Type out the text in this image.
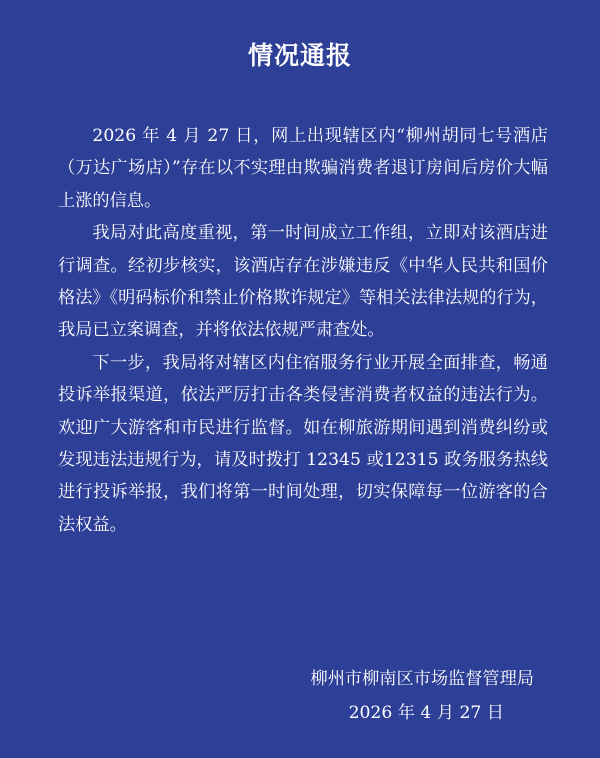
情况通报

2026 年 4 月 27 日，网上出现辖区内“柳州胡同七号酒店（万达广场店）”存在以不实理由欺骗消费者退订房间后房价大幅上涨的信息。

我局对此高度重视，第一时间成立工作组，立即对该酒店进行调查。经初步核实，该酒店存在涉嫌违反《中华人民共和国价格法》《明码标价和禁止价格欺诈规定》等相关法律法规的行为，我局已立案调查，并将依法依规严肃查处。

下一步，我局将对辖区内住宿服务行业开展全面排查，畅通投诉举报渠道，依法严厉打击各类侵害消费者权益的违法行为。欢迎广大游客和市民进行监督。如在柳旅游期间遇到消费纠纷或发现违法违规行为，请及时拨打 12345 或12315 政务服务热线进行投诉举报，我们将第一时间处理，切实保障每一位游客的合法权益。

柳州市柳南区市场监督管理局

2026 年 4 月 27 日
